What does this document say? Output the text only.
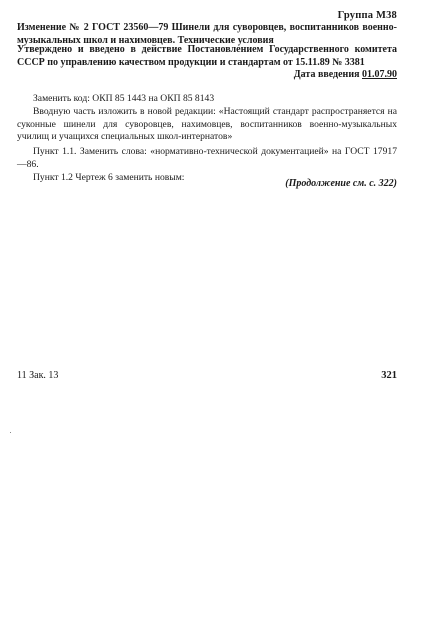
Группа М38
Изменение № 2 ГОСТ 23560—79 Шинели для суворовцев, воспитанников военно-музыкальных школ и нахимовцев. Технические условия
Утверждено и введено в действие Постановлением Государственного комитета СССР по управлению качеством продукции и стандартам от 15.11.89 № 3381
Дата введения 01.07.90

Заменить код: ОКП 85 1443 на ОКП 85 8143

Вводную часть изложить в новой редакции: «Настоящий стандарт распространяется на суконные шинели для суворовцев, нахимовцев, воспитанников военно-музыкальных училищ и учащихся специальных школ-интернатов»

Пункт 1.1. Заменить слова: «нормативно-технической документацией» на ГОСТ 17917—86.

Пункт 1.2 Чертеж 6 заменить новым:

(Продолжение см. с. 322)
11 Зак. 13	321
